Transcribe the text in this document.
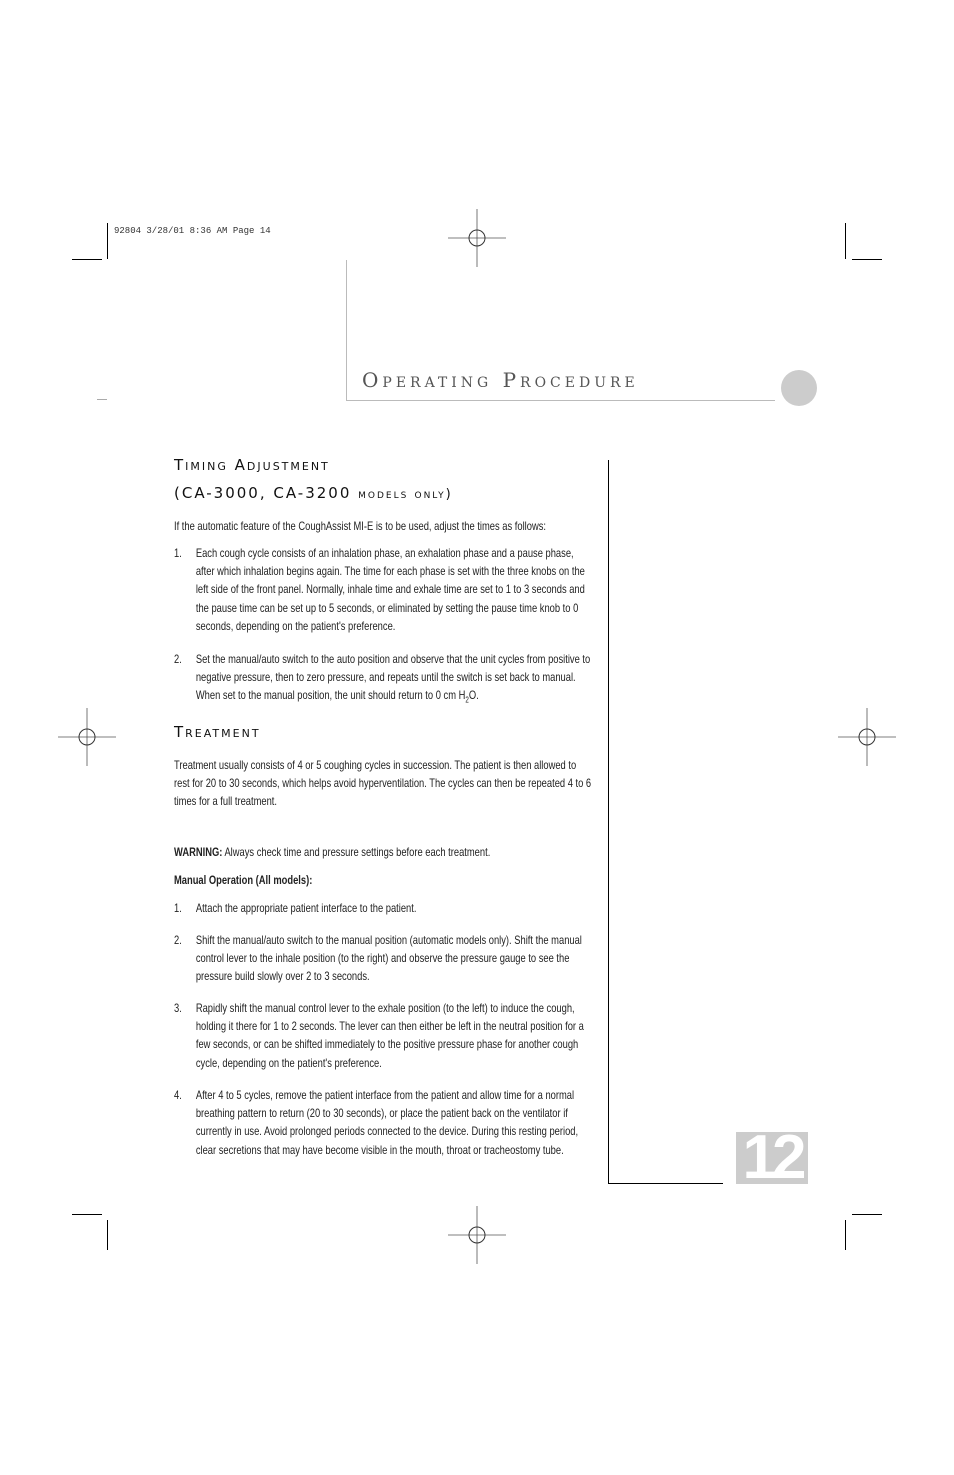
92804 3/28/01 8:36 AM Page 14
Operating Procedure
Timing Adjustment
(CA-3000, CA-3200 models only)
If the automatic feature of the CoughAssist MI-E is to be used, adjust the times as follows:
1.	Each cough cycle consists of an inhalation phase, an exhalation phase and a pause phase, after which inhalation begins again. The time for each phase is set with the three knobs on the left side of the front panel. Normally, inhale time and exhale time are set to 1 to 3 seconds and the pause time can be set up to 5 seconds, or eliminated by setting the pause time knob to 0 seconds, depending on the patient's preference.
2.	Set the manual/auto switch to the auto position and observe that the unit cycles from positive to negative pressure, then to zero pressure, and repeats until the switch is set back to manual. When set to the manual position, the unit should return to 0 cm $H_2O$.
Treatment
Treatment usually consists of 4 or 5 coughing cycles in succession. The patient is then allowed to rest for 20 to 30 seconds, which helps avoid hyperventilation. The cycles can then be repeated 4 to 6 times for a full treatment.
WARNING: Always check time and pressure settings before each treatment.
Manual Operation (All models):
1.	Attach the appropriate patient interface to the patient.
2.	Shift the manual/auto switch to the manual position (automatic models only). Shift the manual control lever to the inhale position (to the right) and observe the pressure gauge to see the pressure build slowly over 2 to 3 seconds.
3.	Rapidly shift the manual control lever to the exhale position (to the left) to induce the cough, holding it there for 1 to 2 seconds. The lever can then either be left in the neutral position for a few seconds, or can be shifted immediately to the positive pressure phase for another cough cycle, depending on the patient's preference.
4.	After 4 to 5 cycles, remove the patient interface from the patient and allow time for a normal breathing pattern to return (20 to 30 seconds), or place the patient back on the ventilator if currently in use. Avoid prolonged periods connected to the device. During this resting period, clear secretions that may have become visible in the mouth, throat or tracheostomy tube.	12
